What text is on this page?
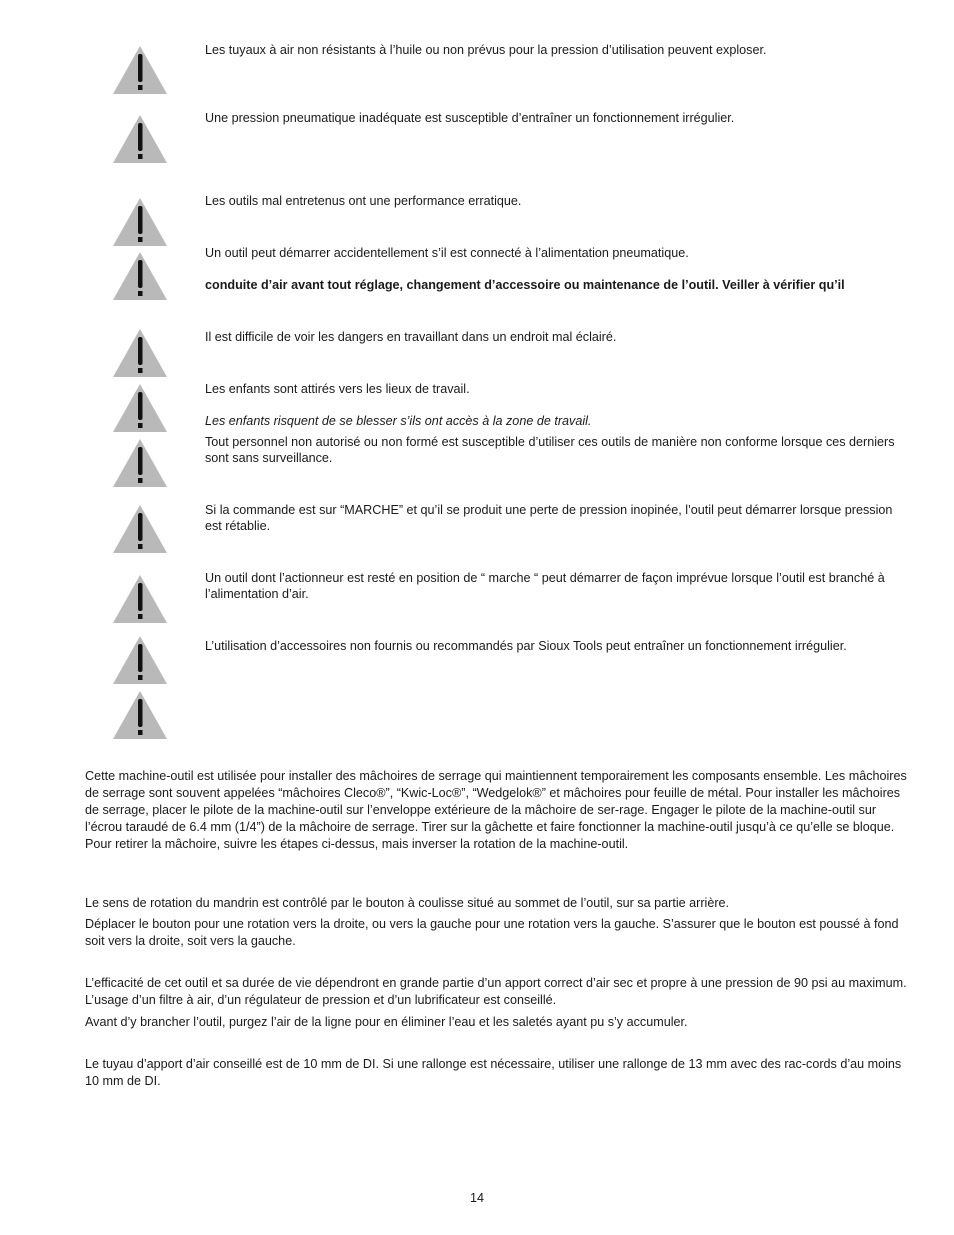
Les tuyaux à air non résistants à l’huile ou non prévus pour la pression d’utilisation peuvent exploser.

Une pression pneumatique inadéquate est susceptible d’entraîner un fonctionnement irrégulier.

Les outils mal entretenus ont une performance erratique.

Un outil peut démarrer accidentellement s’il est connecté à l’alimentation pneumatique.

conduite d’air avant tout réglage, changement d’accessoire ou maintenance de l’outil. Veiller à vérifier qu’il

Il est difficile de voir les dangers en travaillant dans un endroit mal éclairé.

Les enfants sont attirés vers les lieux de travail.

Les enfants risquent de se blesser s’ils ont accès à la zone de travail.

Tout personnel non autorisé ou non formé est susceptible d’utiliser ces outils de manière non conforme lorsque ces derniers sont sans surveillance.

Si la commande est sur “MARCHE” et qu’il se produit une perte de pression inopinée, l’outil peut démarrer lorsque pression est rétablie.

Un outil dont l’actionneur est resté en position de “ marche “ peut démarrer de façon imprévue lorsque l’outil est branché à l’alimentation d’air.

L’utilisation d’accessoires non fournis ou recommandés par Sioux Tools peut entraîner un fonctionnement irrégulier.

Cette machine-outil est utilisée pour installer des mâchoires de serrage qui maintiennent temporairement les composants ensemble. Les mâchoires de serrage sont souvent appelées “mâchoires Cleco®”, “Kwic-Loc®”, “Wedgelok®” et mâchoires pour feuille de métal. Pour installer les mâchoires de serrage, placer le pilote de la machine-outil sur l’enveloppe extérieure de la mâchoire de ser-rage. Engager le pilote de la machine-outil sur l’écrou taraudé de 6.4 mm (1/4”) de la mâchoire de serrage. Tirer sur la gâchette et faire fonctionner la machine-outil jusqu’à ce qu’elle se bloque. Pour retirer la mâchoire, suivre les étapes ci-dessus, mais inverser la rotation de la machine-outil.

Le sens de rotation du mandrin est contrôlé par le bouton à coulisse situé au sommet de l’outil, sur sa partie arrière.

Déplacer le bouton pour une rotation vers la droite, ou vers la gauche pour une rotation vers la gauche. S’assurer que le bouton est poussé à fond soit vers la droite, soit vers la gauche.

L’efficacité de cet outil et sa durée de vie dépendront en grande partie d’un apport correct d’air sec et propre à une pression de 90 psi au maximum. L’usage d’un filtre à air, d’un régulateur de pression et d’un lubrificateur est conseillé.

Avant d’y brancher l’outil, purgez l’air de la ligne pour en éliminer l’eau et les saletés ayant pu s’y accumuler.

Le tuyau d’apport d’air conseillé est de 10 mm de DI. Si une rallonge est nécessaire, utiliser une rallonge de 13 mm avec des rac-cords d’au moins 10 mm de DI.

14
